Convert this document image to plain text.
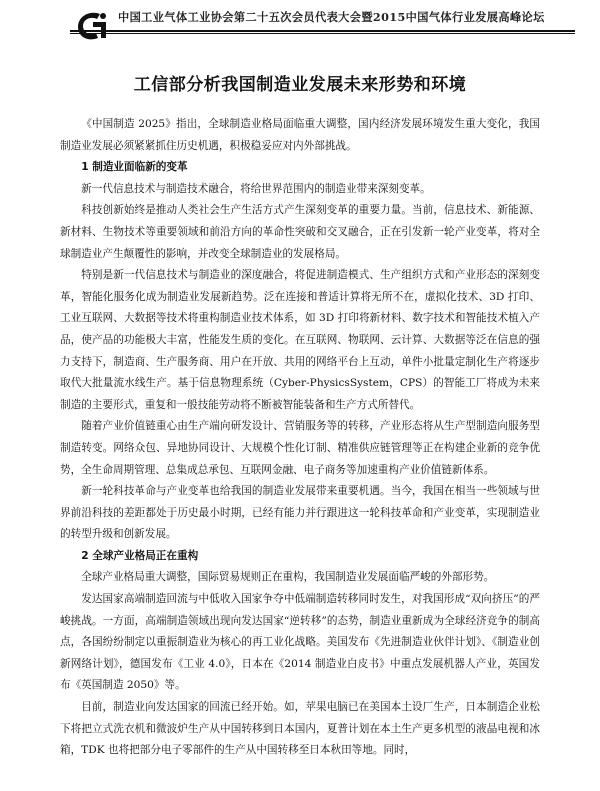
中国工业气体工业协会第二十五次会员代表大会暨2015中国气体行业发展高峰论坛
工信部分析我国制造业发展未来形势和环境

《中国制造 2025》指出，全球制造业格局面临重大调整，国内经济发展环境发生重大变化，我国制造业发展必须紧紧抓住历史机遇，积极稳妥应对内外部挑战。

1 制造业面临新的变革

新一代信息技术与制造技术融合，将给世界范围内的制造业带来深刻变革。

科技创新始终是推动人类社会生产生活方式产生深刻变革的重要力量。当前，信息技术、新能源、新材料、生物技术等重要领域和前沿方向的革命性突破和交叉融合，正在引发新一轮产业变革，将对全球制造业产生颠覆性的影响，并改变全球制造业的发展格局。

特别是新一代信息技术与制造业的深度融合，将促进制造模式、生产组织方式和产业形态的深刻变革，智能化服务化成为制造业发展新趋势。泛在连接和普适计算将无所不在，虚拟化技术、3D 打印、工业互联网、大数据等技术将重构制造业技术体系，如 3D 打印将新材料、数字技术和智能技术植入产品，使产品的功能极大丰富，性能发生质的变化。在互联网、物联网、云计算、大数据等泛在信息的强力支持下，制造商、生产服务商、用户在开放、共用的网络平台上互动，单件小批量定制化生产将逐步取代大批量流水线生产。基于信息物理系统（Cyber-PhysicsSystem，CPS）的智能工厂将成为未来制造的主要形式，重复和一般技能劳动将不断被智能装备和生产方式所替代。

随着产业价值链重心由生产端向研发设计、营销服务等的转移，产业形态将从生产型制造向服务型制造转变。网络众包、异地协同设计、大规模个性化订制、精准供应链管理等正在构建企业新的竞争优势，全生命周期管理、总集成总承包、互联网金融、电子商务等加速重构产业价值链新体系。

新一轮科技革命与产业变革也给我国的制造业发展带来重要机遇。当今，我国在相当一些领域与世界前沿科技的差距都处于历史最小时期，已经有能力并行跟进这一轮科技革命和产业变革，实现制造业的转型升级和创新发展。

2 全球产业格局正在重构

全球产业格局重大调整，国际贸易规则正在重构，我国制造业发展面临严峻的外部形势。

发达国家高端制造回流与中低收入国家争夺中低端制造转移同时发生，对我国形成“双向挤压”的严峻挑战。一方面，高端制造领域出现向发达国家“逆转移”的态势，制造业重新成为全球经济竞争的制高点，各国纷纷制定以重振制造业为核心的再工业化战略。美国发布《先进制造业伙伴计划》、《制造业创新网络计划》，德国发布《工业 4.0》，日本在《2014 制造业白皮书》中重点发展机器人产业，英国发布《英国制造 2050》等。

目前，制造业向发达国家的回流已经开始。如，苹果电脑已在美国本土设厂生产，日本制造企业松下将把立式洗衣机和微波炉生产从中国转移到日本国内，夏普计划在本土生产更多机型的液晶电视和冰箱，TDK 也将把部分电子零部件的生产从中国转移至日本秋田等地。同时，
